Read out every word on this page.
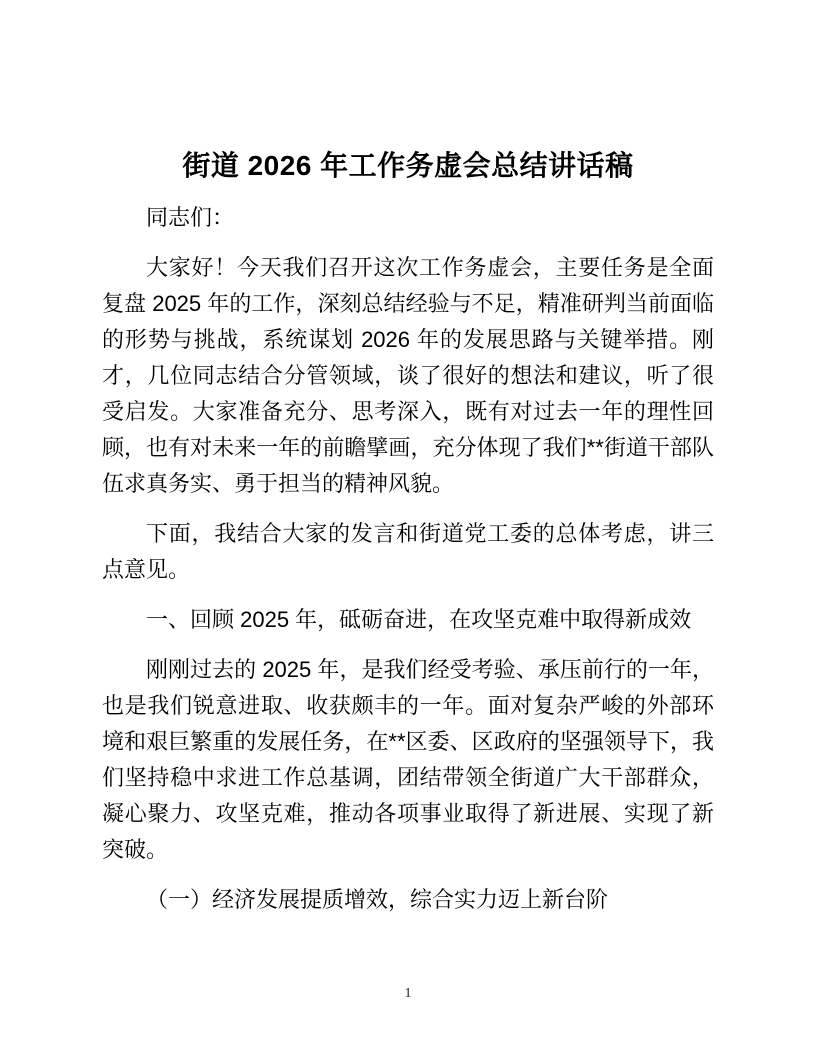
街道 2026 年工作务虚会总结讲话稿

同志们：

大家好！今天我们召开这次工作务虚会，主要任务是全面复盘 2025 年的工作，深刻总结经验与不足，精准研判当前面临的形势与挑战，系统谋划 2026 年的发展思路与关键举措。刚才，几位同志结合分管领域，谈了很好的想法和建议，听了很受启发。大家准备充分、思考深入，既有对过去一年的理性回顾，也有对未来一年的前瞻擘画，充分体现了我们**街道干部队伍求真务实、勇于担当的精神风貌。

下面，我结合大家的发言和街道党工委的总体考虑，讲三点意见。

一、回顾 2025 年，砥砺奋进，在攻坚克难中取得新成效

刚刚过去的 2025 年，是我们经受考验、承压前行的一年，也是我们锐意进取、收获颇丰的一年。面对复杂严峻的外部环境和艰巨繁重的发展任务，在**区委、区政府的坚强领导下，我们坚持稳中求进工作总基调，团结带领全街道广大干部群众，凝心聚力、攻坚克难，推动各项事业取得了新进展、实现了新突破。

（一）经济发展提质增效，综合实力迈上新台阶

1
